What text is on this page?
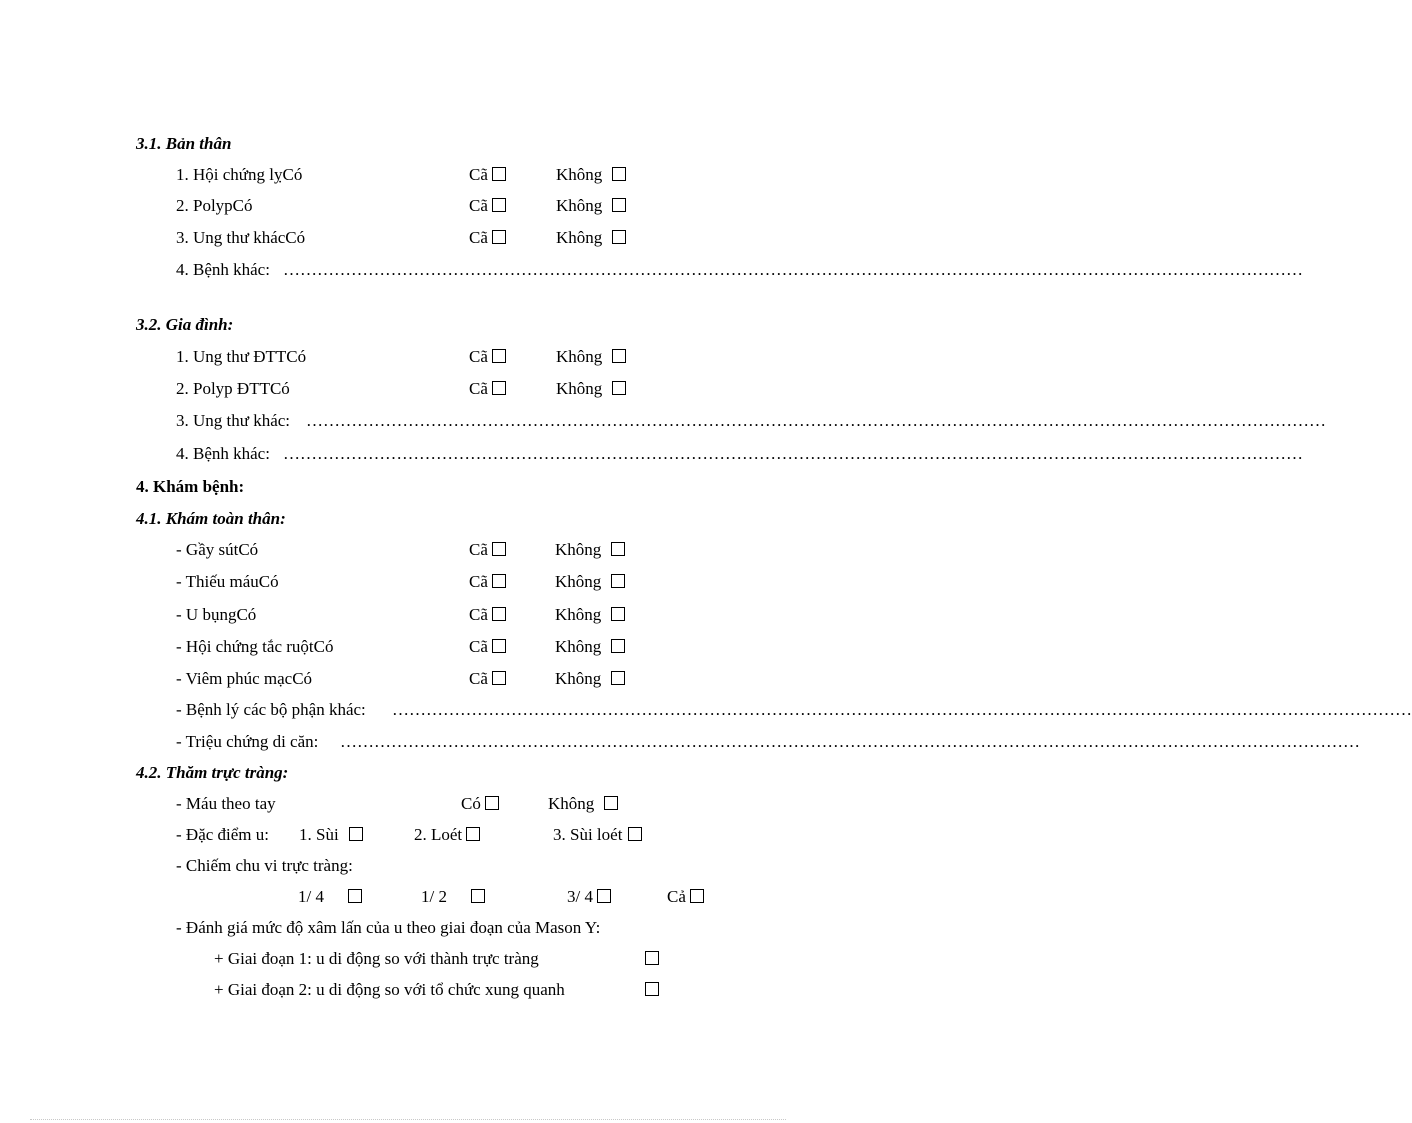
3.1. Bản thân
1. Hội chứng lỵCó	Cã	Không
2. PolypCó	Cã	Không
3. Ung thư khácCó	Cã	Không
4. Bệnh khác: ………………………………………………………………………………………………………………………………………………………………
3.2. Gia đình:
1. Ung thư ĐTTCó	Cã	Không
2. Polyp ĐTTCó	Cã	Không
3. Ung thư khác: ………………………………………………………………………………………………………………………………………………………………
4. Bệnh khác: ………………………………………………………………………………………………………………………………………………………………
4. Khám bệnh:
4.1. Khám toàn thân:
- Gầy sútCó	Cã	Không
- Thiếu máuCó	Cã	Không
- U bụngCó	Cã	Không
- Hội chứng tắc ruộtCó	Cã	Không
- Viêm phúc mạcCó	Cã	Không
- Bệnh lý các bộ phận khác: ………………………………………………………………………………………………………………………………………………………………
- Triệu chứng di căn: ………………………………………………………………………………………………………………………………………………………………
4.2. Thăm trực tràng:
- Máu theo tay	Có	Không
- Đặc điểm u: 1. Sùi	2. Loét	3. Sùi loét
- Chiếm chu vi trực tràng:
1/ 4	1/ 2	3/ 4	Cả
- Đánh giá mức độ xâm lấn của u theo giai đoạn của Mason Y:
+ Giai đoạn 1: u di động so với thành trực tràng
+ Giai đoạn 2: u di động so với tổ chức xung quanh
